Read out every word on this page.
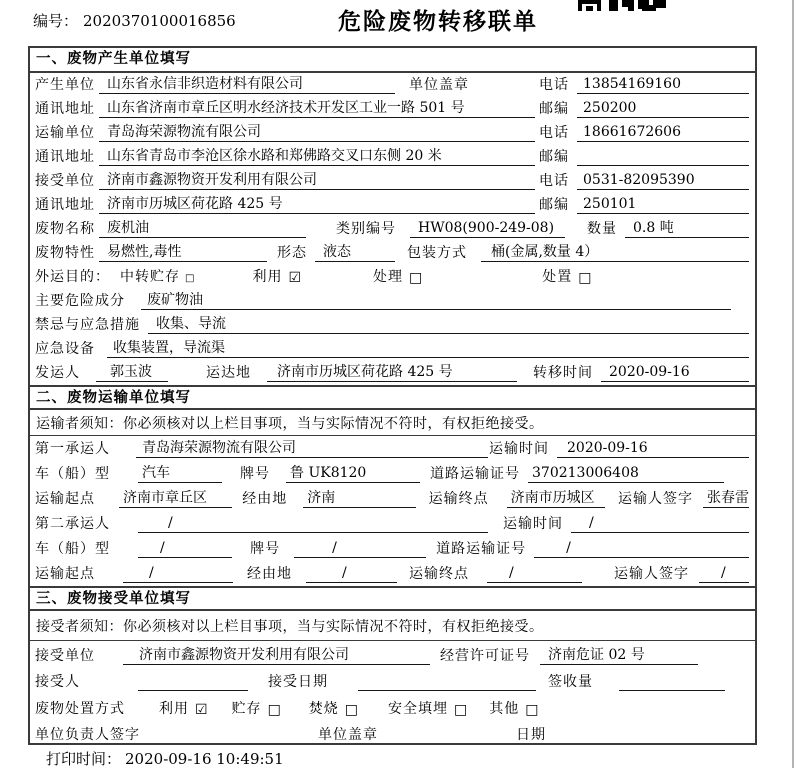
编号： 2020370100016856	危险废物转移联单
一、废物产生单位填写
产生单位 山东省永信非织造材料有限公司	单位盖章	电话	13854169160
通讯地址 山东省济南市章丘区明水经济技术开发区工业一路 501 号	邮编	250200
运输单位 青岛海荣源物流有限公司	电话	18661672606
通讯地址 山东省青岛市李沧区徐水路和郑佛路交叉口东侧 20 米	邮编
接受单位 济南市鑫源物资开发利用有限公司	电话	0531-82095390
通讯地址 济南市历城区荷花路 425 号	邮编	250101
废物名称 废机油	类别编号	HW08(900-249-08)	数量	0.8 吨
废物特性 易燃性,毒性	形态	液态	包装方式	桶(金属,数量 4）
外运目的： 中转贮存 □	利用 ☑	处理 □	处置 □
主要危险成分	废矿物油
禁忌与应急措施	收集、导流
应急设备	收集装置，导流渠
发运人	郭玉波	运达地	济南市历城区荷花路 425 号	转移时间	2020-09-16
二、废物运输单位填写
运输者须知：你必须核对以上栏目事项，当与实际情况不符时，有权拒绝接受。
第一承运人	青岛海荣源物流有限公司	运输时间	2020-09-16
车（船）型 汽车	牌号 鲁 UK8120	道路运输证号 370213006408
运输起点 济南市章丘区	经由地 济南	运输终点 济南市历城区	运输人签字 张春雷
第二承运人	/	运输时间	/
车（船）型	/	牌号	/	道路运输证号	/
运输起点	/	经由地	/	运输终点	/	运输人签字	/
三、废物接受单位填写
接受者须知：你必须核对以上栏目事项，当与实际情况不符时，有权拒绝接受。
接受单位	济南市鑫源物资开发利用有限公司	经营许可证号	济南危证 02 号
接受人	接受日期	签收量
废物处置方式 利用 ☑ 贮存 □ 焚烧 □ 安全填埋 □ 其他 □
单位负责人签字	单位盖章	日期
打印时间： 2020-09-16 10:49:51
